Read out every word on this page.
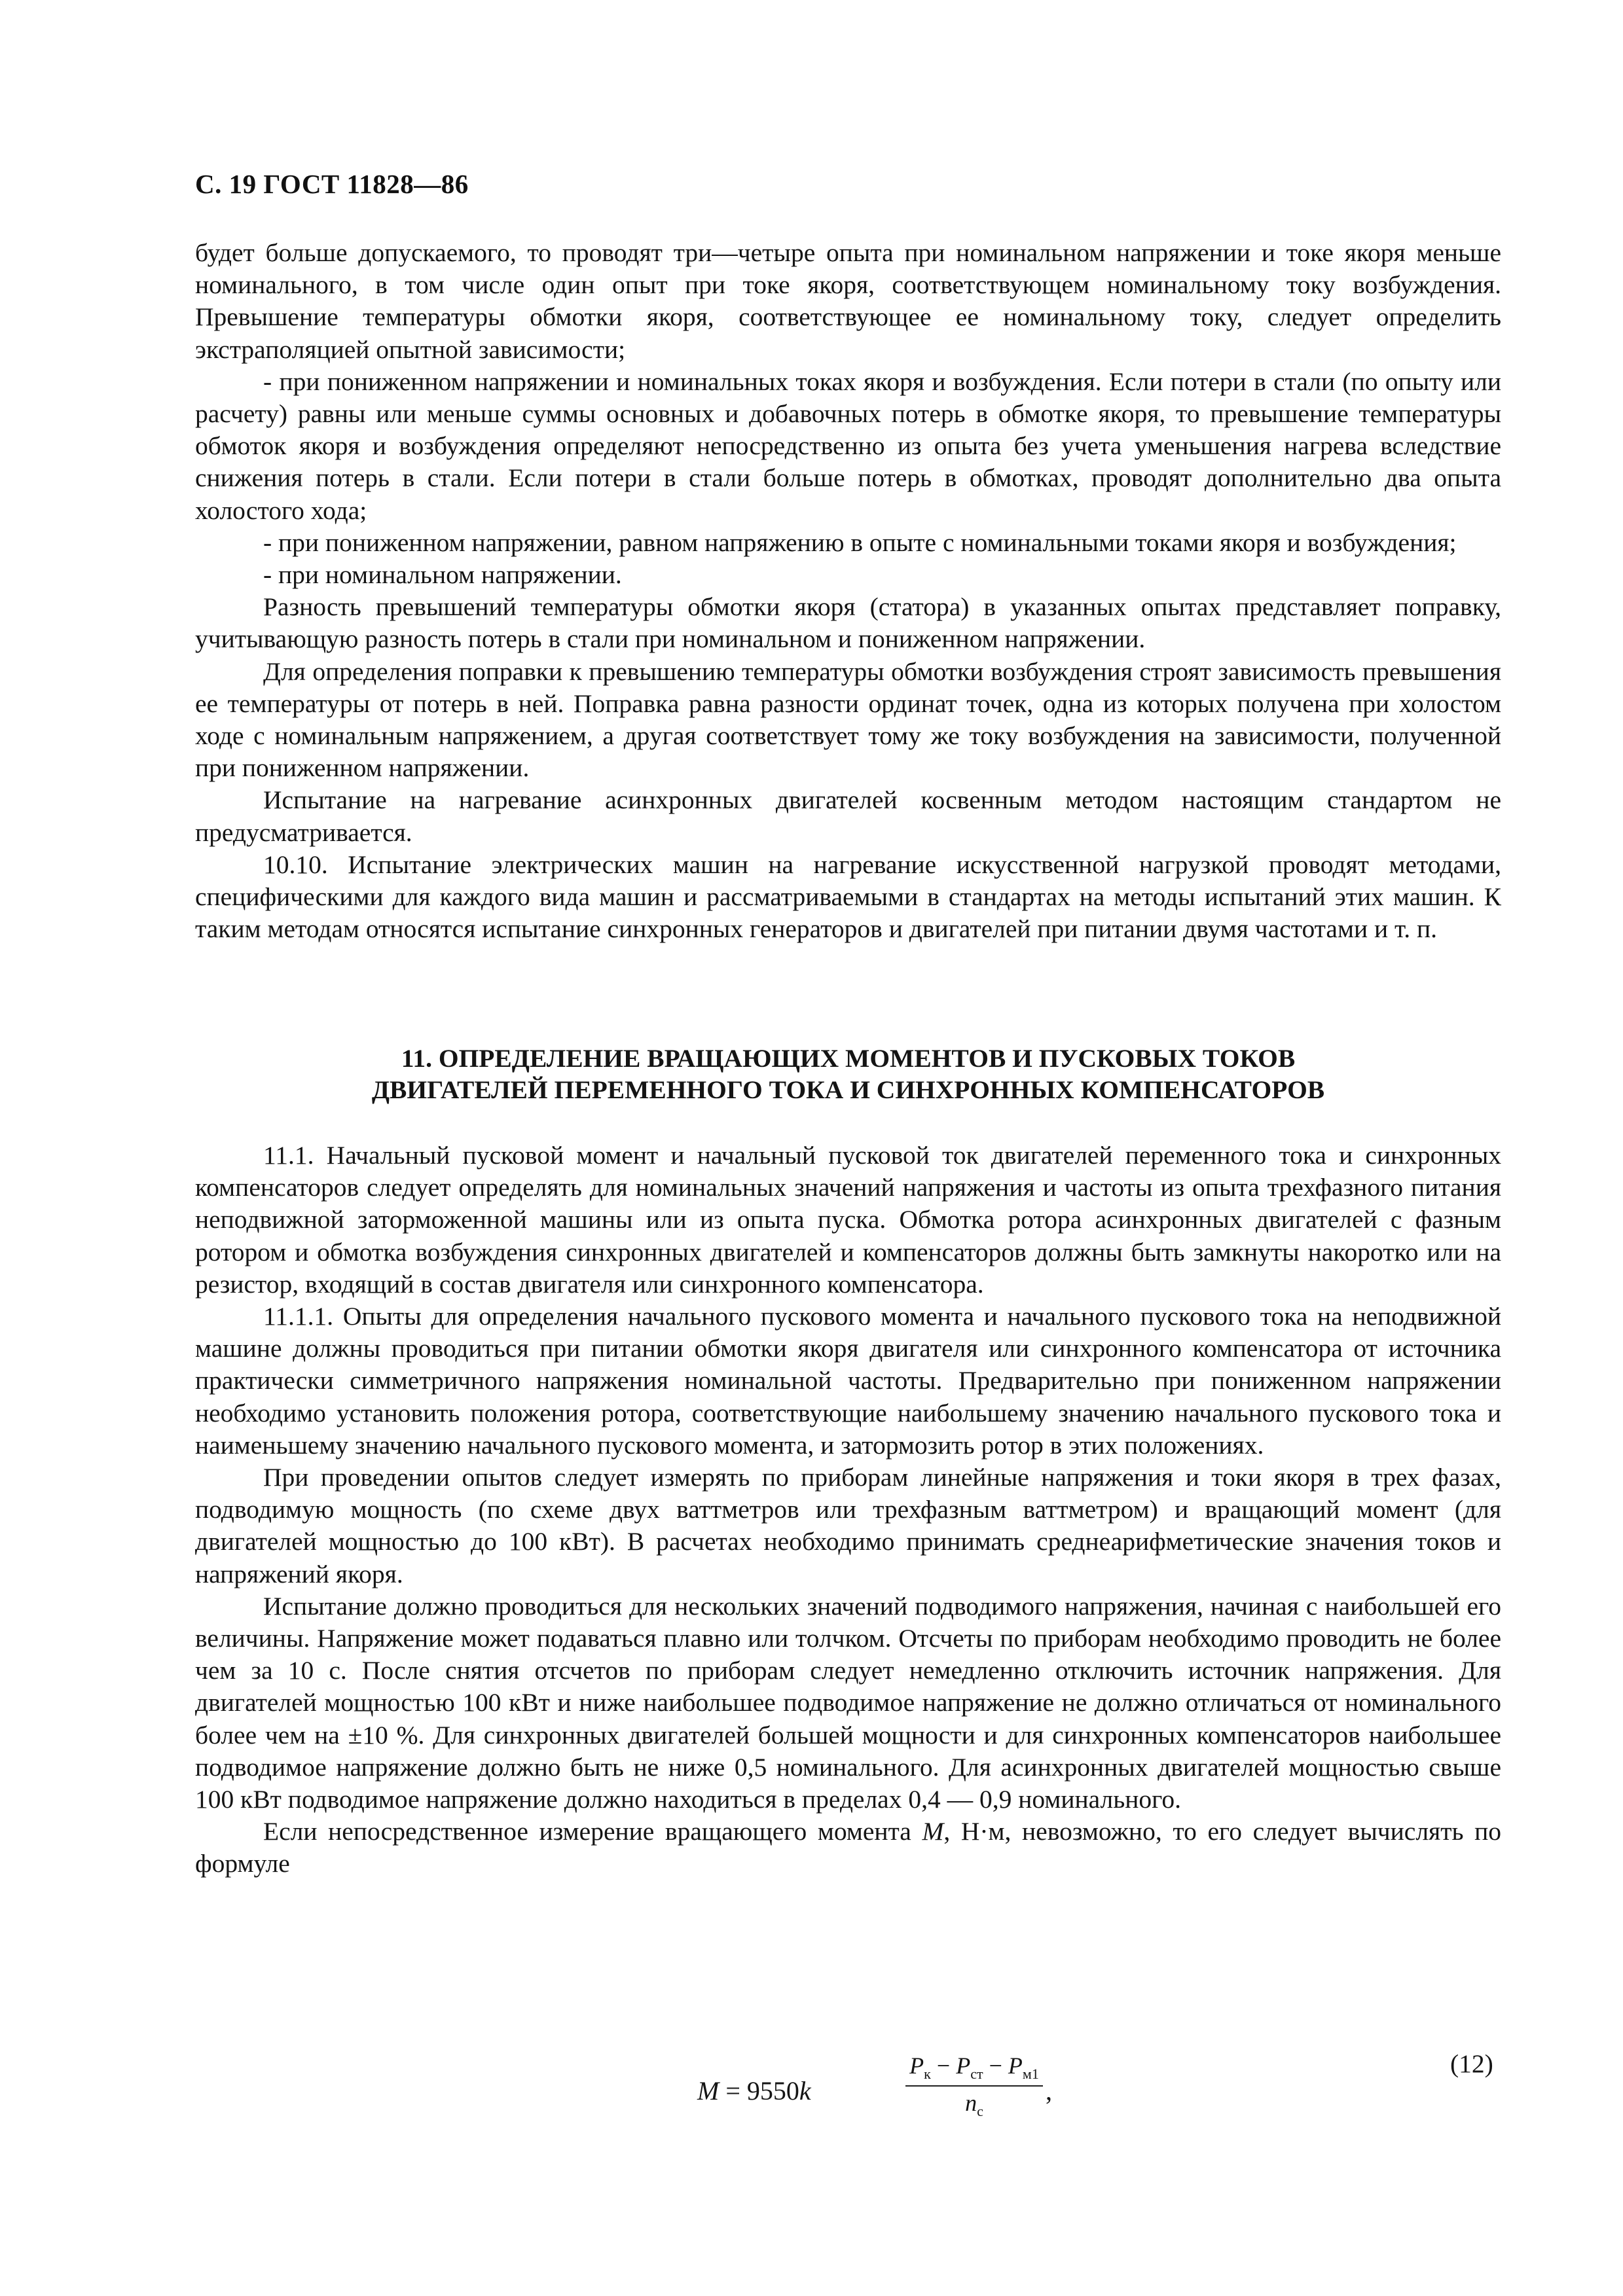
С. 19 ГОСТ 11828—86

будет больше допускаемого, то проводят три—четыре опыта при номинальном напряжении и токе якоря меньше номинального, в том числе один опыт при токе якоря, соответствующем номинальному току возбуждения. Превышение температуры обмотки якоря, соответствующее ее номинальному току, следует определить экстраполяцией опытной зависимости;

- при пониженном напряжении и номинальных токах якоря и возбуждения. Если потери в стали (по опыту или расчету) равны или меньше суммы основных и добавочных потерь в обмотке якоря, то превышение температуры обмоток якоря и возбуждения определяют непосредственно из опыта без учета уменьшения нагрева вследствие снижения потерь в стали. Если потери в стали больше потерь в обмотках, проводят дополнительно два опыта холостого хода;

- при пониженном напряжении, равном напряжению в опыте с номинальными токами якоря и возбуждения;

- при номинальном напряжении.

Разность превышений температуры обмотки якоря (статора) в указанных опытах представляет поправку, учитывающую разность потерь в стали при номинальном и пониженном напряжении.

Для определения поправки к превышению температуры обмотки возбуждения строят зависимость превышения ее температуры от потерь в ней. Поправка равна разности ординат точек, одна из которых получена при холостом ходе с номинальным напряжением, а другая соответствует тому же току возбуждения на зависимости, полученной при пониженном напряжении.

Испытание на нагревание асинхронных двигателей косвенным методом настоящим стандартом не предусматривается.

10.10. Испытание электрических машин на нагревание искусственной нагрузкой проводят методами, специфическими для каждого вида машин и рассматриваемыми в стандартах на методы испытаний этих машин. К таким методам относятся испытание синхронных генераторов и двигателей при питании двумя частотами и т. п.

11. ОПРЕДЕЛЕНИЕ ВРАЩАЮЩИХ МОМЕНТОВ И ПУСКОВЫХ ТОКОВ
ДВИГАТЕЛЕЙ ПЕРЕМЕННОГО ТОКА И СИНХРОННЫХ КОМПЕНСАТОРОВ

11.1. Начальный пусковой момент и начальный пусковой ток двигателей переменного тока и синхронных компенсаторов следует определять для номинальных значений напряжения и частоты из опыта трехфазного питания неподвижной заторможенной машины или из опыта пуска. Обмотка ротора асинхронных двигателей с фазным ротором и обмотка возбуждения синхронных двигателей и компенсаторов должны быть замкнуты накоротко или на резистор, входящий в состав двигателя или синхронного компенсатора.

11.1.1. Опыты для определения начального пускового момента и начального пускового тока на неподвижной машине должны проводиться при питании обмотки якоря двигателя или синхронного компенсатора от источника практически симметричного напряжения номинальной частоты. Предварительно при пониженном напряжении необходимо установить положения ротора, соответствующие наибольшему значению начального пускового тока и наименьшему значению начального пускового момента, и затормозить ротор в этих положениях.

При проведении опытов следует измерять по приборам линейные напряжения и токи якоря в трех фазах, подводимую мощность (по схеме двух ваттметров или трехфазным ваттметром) и вращающий момент (для двигателей мощностью до 100 кВт). В расчетах необходимо принимать среднеарифметические значения токов и напряжений якоря.

Испытание должно проводиться для нескольких значений подводимого напряжения, начиная с наибольшей его величины. Напряжение может подаваться плавно или толчком. Отсчеты по приборам необходимо проводить не более чем за 10 с. После снятия отсчетов по приборам следует немедленно отключить источник напряжения. Для двигателей мощностью 100 кВт и ниже наибольшее подводимое напряжение не должно отличаться от номинального более чем на ±10 %. Для синхронных двигателей большей мощности и для синхронных компенсаторов наибольшее подводимое напряжение должно быть не ниже 0,5 номинального. Для асинхронных двигателей мощностью свыше 100 кВт подводимое напряжение должно находиться в пределах 0,4 — 0,9 номинального.

Если непосредственное измерение вращающего момента M, Н·м, невозможно, то его следует вычислять по формуле

M = 9550k
$P_к - P_{ст} - P_{м1}$
$n_с$
,
(12)
